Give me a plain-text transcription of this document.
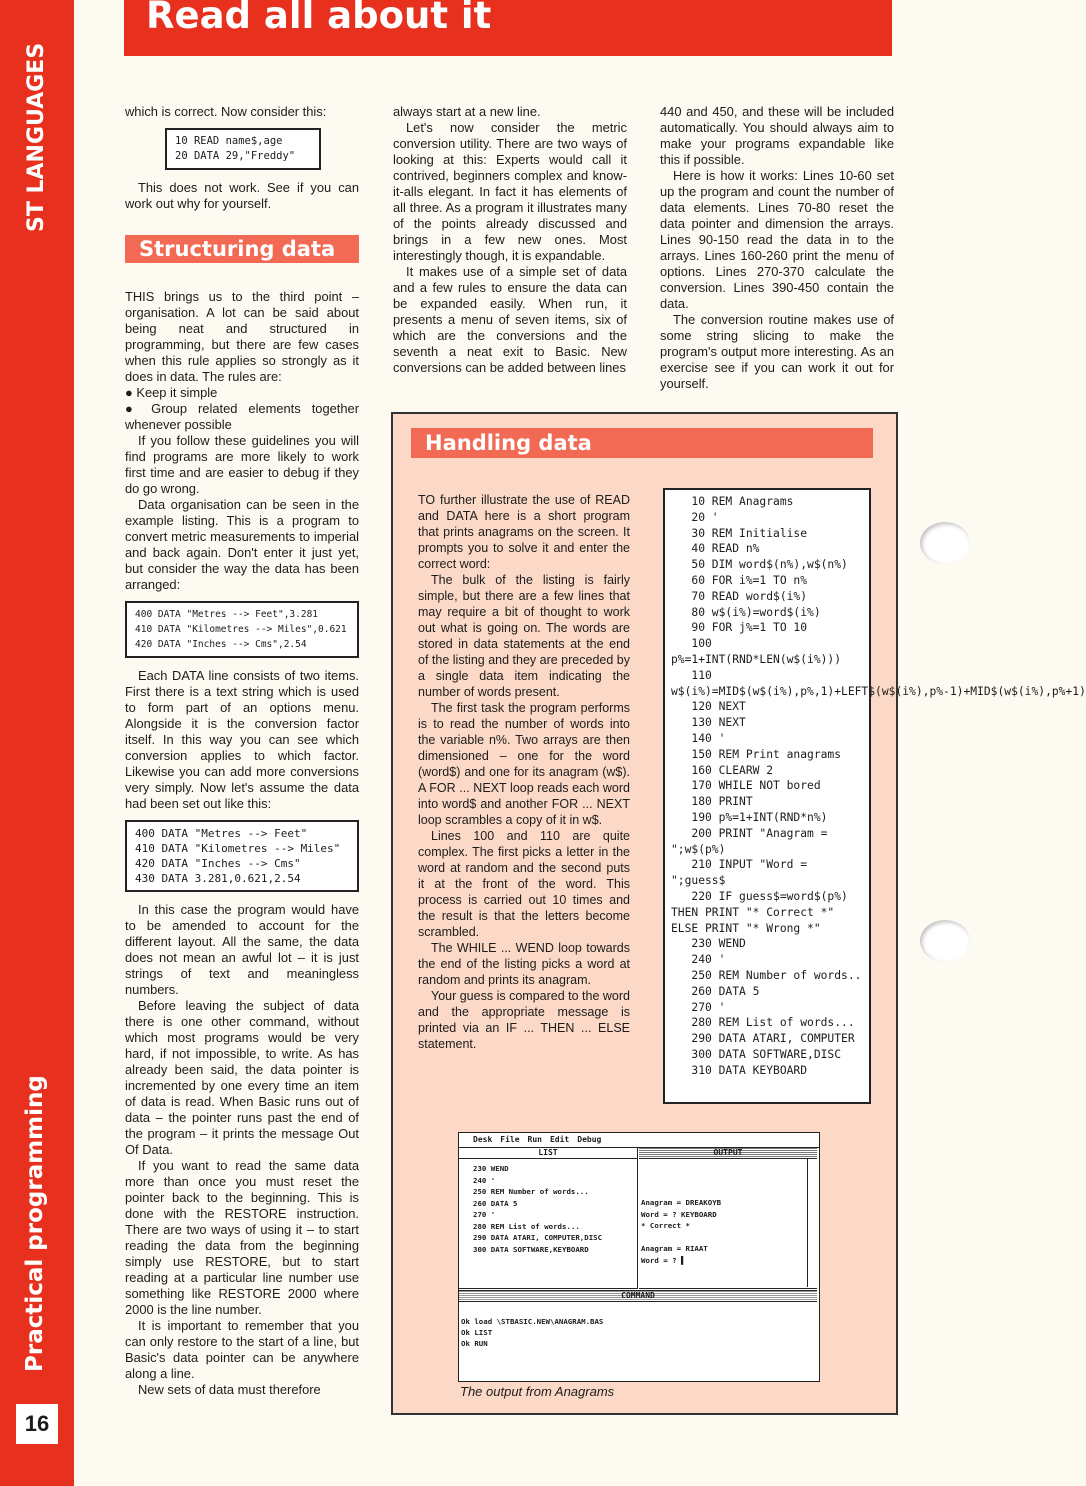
ST LANGUAGES
Practical programming
16
Read all about it

which is correct. Now consider this:

10 READ name$,age
20 DATA 29,"Freddy"

This does not work. See if you can work out why for yourself.

Structuring data

THIS brings us to the third point – organisation. A lot can be said about being neat and structured in programming, but there are few cases when this rule applies so strongly as it does in data. The rules are:

● Keep it simple

● Group related elements together whenever possible

If you follow these guidelines you will find programs are more likely to work first time and are easier to debug if they do go wrong.

Data organisation can be seen in the example listing. This is a program to convert metric measurements to imperial and back again. Don't enter it just yet, but consider the way the data has been arranged:

400 DATA "Metres --> Feet",3.281
410 DATA "Kilometres --> Miles",0.621
420 DATA "Inches --> Cms",2.54

Each DATA line consists of two items. First there is a text string which is used to form part of an options menu. Alongside it is the conversion factor itself. In this way you can see which conversion applies to which factor. Likewise you can add more conversions very simply. Now let's assume the data had been set out like this:

400 DATA "Metres --> Feet"
410 DATA "Kilometres --> Miles"
420 DATA "Inches --> Cms"
430 DATA 3.281,0.621,2.54

In this case the program would have to be amended to account for the different layout. All the same, the data does not mean an awful lot – it is just strings of text and meaningless numbers.

Before leaving the subject of data there is one other command, without which most programs would be very hard, if not impossible, to write. As has already been said, the data pointer is incremented by one every time an item of data is read. When Basic runs out of data – the pointer runs past the end of the program – it prints the message Out Of Data.

If you want to read the same data more than once you must reset the pointer back to the beginning. This is done with the RESTORE instruction. There are two ways of using it – to start reading the data from the beginning simply use RESTORE, but to start reading at a particular line number use something like RESTORE 2000 where 2000 is the line number.

It is important to remember that you can only restore to the start of a line, but Basic's data pointer can be anywhere along a line.

New sets of data must therefore

always start at a new line.

Let's now consider the metric conversion utility. There are two ways of looking at this: Experts would call it contrived, beginners complex and know-it-alls elegant. In fact it has elements of all three. As a program it illustrates many of the points already discussed and brings in a few new ones. Most interestingly though, it is expandable.

It makes use of a simple set of data and a few rules to ensure the data can be expanded easily. When run, it presents a menu of seven items, six of which are the conversions and the seventh a neat exit to Basic. New conversions can be added between lines

440 and 450, and these will be included automatically. You should always aim to make your programs expandable like this if possible.

Here is how it works: Lines 10-60 set up the program and count the number of data elements. Lines 70-80 reset the data pointer and dimension the arrays. Lines 90-150 read the data in to the arrays. Lines 160-260 print the menu of options. Lines 270-370 calculate the conversion. Lines 390-450 contain the data.

The conversion routine makes use of some string slicing to make the program's output more interesting. As an exercise see if you can work it out for yourself.

Handling data

TO further illustrate the use of READ and DATA here is a short program that prints anagrams on the screen. It prompts you to solve it and enter the correct word:

The bulk of the listing is fairly simple, but there are a few lines that may require a bit of thought to work out what is going on. The words are stored in data statements at the end of the listing and they are preceded by a single data item indicating the number of words present.

The first task the program performs is to read the number of words into the variable n%. Two arrays are then dimensioned – one for the word (word$) and one for its anagram (w$). A FOR ... NEXT loop reads each word into word$ and another FOR ... NEXT loop scrambles a copy of it in w$.

Lines 100 and 110 are quite complex. The first picks a letter in the word at random and the second puts it at the front of the word. This process is carried out 10 times and the result is that the letters become scrambled.

The WHILE ... WEND loop towards the end of the listing picks a word at random and prints its anagram.

Your guess is compared to the word and the appropriate message is printed via an IF ... THEN ... ELSE statement.

10 REM Anagrams
20 '
30 REM Initialise
40 READ n%
50 DIM word$(n%),w$(n%)
60 FOR i%=1 TO n%
70 READ word$(i%)
80 w$(i%)=word$(i%)
90 FOR j%=1 TO 10
100 p%=1+INT(RND*LEN(w$(i%)))
110 w$(i%)=MID$(w$(i%),p%,1)+LEFT$(w$(i%),p%-1)+MID$(w$(i%),p%+1)
120 NEXT
130 NEXT
140 '
150 REM Print anagrams
160 CLEARW 2
170 WHILE NOT bored
180 PRINT
190 p%=1+INT(RND*n%)
200 PRINT "Anagram = ";w$(p%)
210 INPUT "Word = ";guess$
220 IF guess$=word$(p%) THEN PRINT "* Correct *" ELSE PRINT "* Wrong *"
230 WEND
240 '
250 REM Number of words..
260 DATA 5
270 '
280 REM List of words...
290 DATA ATARI, COMPUTER
300 DATA SOFTWARE,DISC
310 DATA KEYBOARD
Desk File Run Edit Debug
LIST
230 WEND
240 '
250 REM Number of words...
260 DATA 5
270 '
280 REM List of words...
290 DATA ATARI, COMPUTER,DISC
300 DATA SOFTWARE,KEYBOARD
OUTPUT
Anagram = DREAKOYB
Word = ? KEYBOARD
* Correct *

Anagram = RIAAT
Word = ? ▌
COMMAND
Ok load \STBASIC.NEW\ANAGRAM.BAS
Ok LIST
Ok RUN
The output from Anagrams
